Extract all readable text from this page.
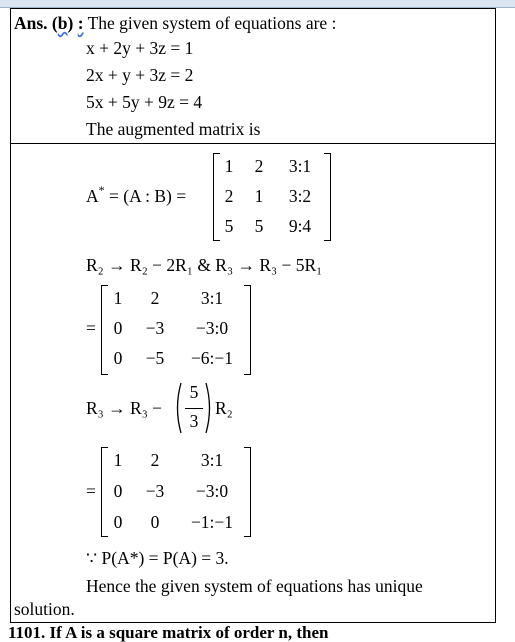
Ans. (b) : The given system of equations are :
x + 2y + 3z = 1
2x + y + 3z = 2
5x + 5y + 9z = 4
The augmented matrix is
A* = (A : B) =
1 2	3:1
2 1	3:2
5 5	9:4
R₂ → R₂ − 2R₁ & R₃ → R₃ − 5R₁
=
1	2	3:1
0	−3	−3:0
0	−5	−6:−1
R₃ → R₃ −
5
3
R₂
=
1	2	3:1
0	−3	−3:0
0	0	−1:−1
∵ P(A*) = P(A) = 3.
Hence the given system of equations has unique
solution.
1101. If A is a square matrix of order n, then
